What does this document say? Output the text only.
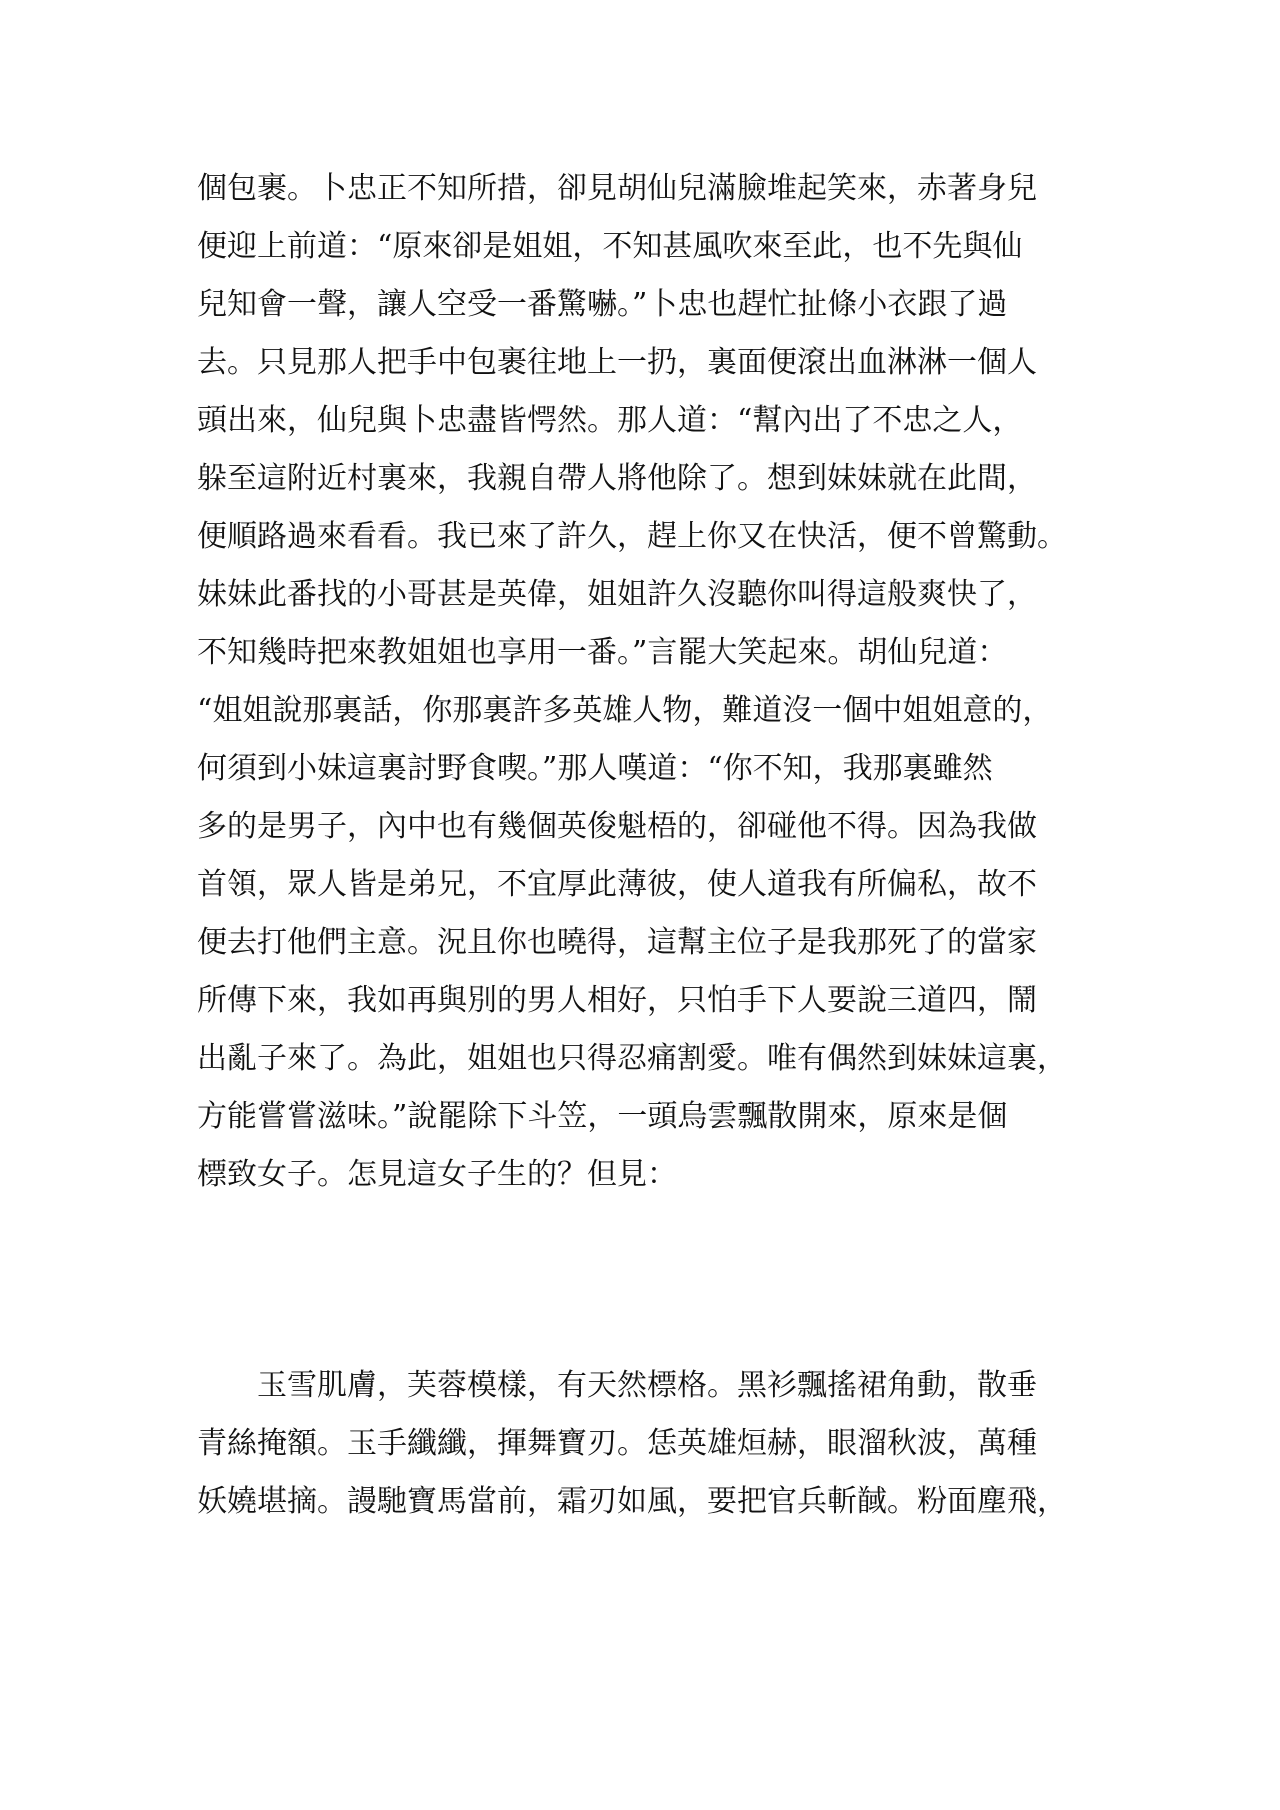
個包裹。卜忠正不知所措，卻見胡仙兒滿臉堆起笑來，赤著身兒
便迎上前道：“原來卻是姐姐，不知甚風吹來至此，也不先與仙
兒知會一聲，讓人空受一番驚嚇。”卜忠也趕忙扯條小衣跟了過
去。只見那人把手中包裹往地上一扔，裏面便滾出血淋淋一個人
頭出來，仙兒與卜忠盡皆愕然。那人道：“幫內出了不忠之人，
躲至這附近村裏來，我親自帶人將他除了。想到妹妹就在此間，
便順路過來看看。我已來了許久，趕上你又在快活，便不曾驚動。
妹妹此番找的小哥甚是英偉，姐姐許久沒聽你叫得這般爽快了，
不知幾時把來教姐姐也享用一番。”言罷大笑起來。胡仙兒道：
“姐姐說那裏話，你那裏許多英雄人物，難道沒一個中姐姐意的，
何須到小妹這裏討野食喫。”那人嘆道：“你不知，我那裏雖然
多的是男子，內中也有幾個英俊魁梧的，卻碰他不得。因為我做
首領，眾人皆是弟兄，不宜厚此薄彼，使人道我有所偏私，故不
便去打他們主意。況且你也曉得，這幫主位子是我那死了的當家
所傳下來，我如再與別的男人相好，只怕手下人要說三道四，鬧
出亂子來了。為此，姐姐也只得忍痛割愛。唯有偶然到妹妹這裏，
方能嘗嘗滋味。”說罷除下斗笠，一頭烏雲飄散開來，原來是個
標致女子。怎見這女子生的？但見：
玉雪肌膚，芙蓉模樣，有天然標格。黑衫飄搖裙角動，散垂
青絲掩額。玉手纖纖，揮舞寶刃。恁英雄烜赫，眼溜秋波，萬種
妖嬈堪摘。謾馳寶馬當前，霜刃如風，要把官兵斬馘。粉面塵飛，
